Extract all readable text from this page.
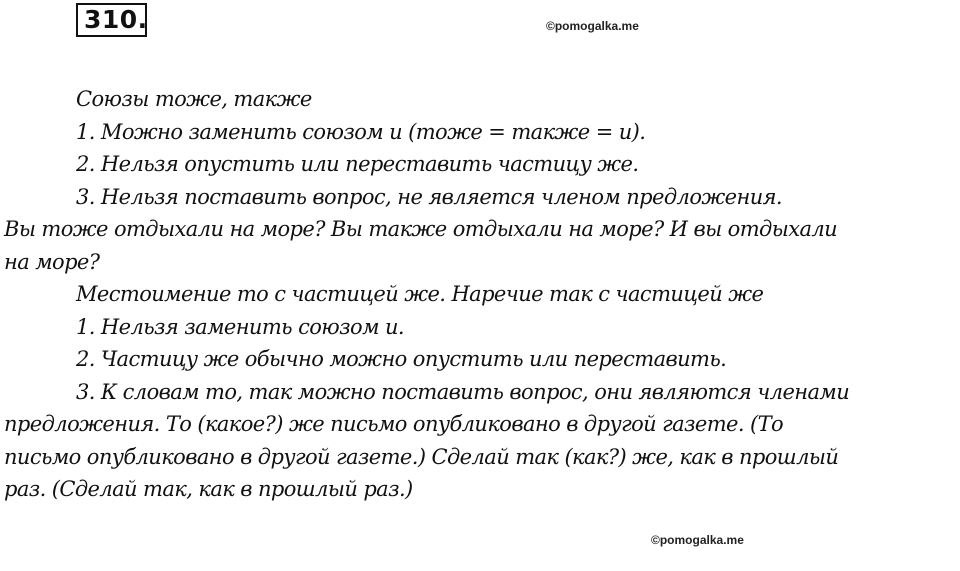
310.	©pomogalka.me
Союзы тоже, также
1. Можно заменить союзом и (тоже = также = и).
2. Нельзя опустить или переставить частицу же.
3. Нельзя поставить вопрос, не является членом предложения.
Вы тоже отдыхали на море? Вы также отдыхали на море? И вы отдыхали
на море?
Местоимение то с частицей же. Наречие так с частицей же
1. Нельзя заменить союзом и.
2. Частицу же обычно можно опустить или переставить.
3. К словам то, так можно поставить вопрос, они являются членами
предложения. То (какое?) же письмо опубликовано в другой газете. (То
письмо опубликовано в другой газете.) Сделай так (как?) же, как в прошлый
раз. (Сделай так, как в прошлый раз.)
©pomogalka.me
